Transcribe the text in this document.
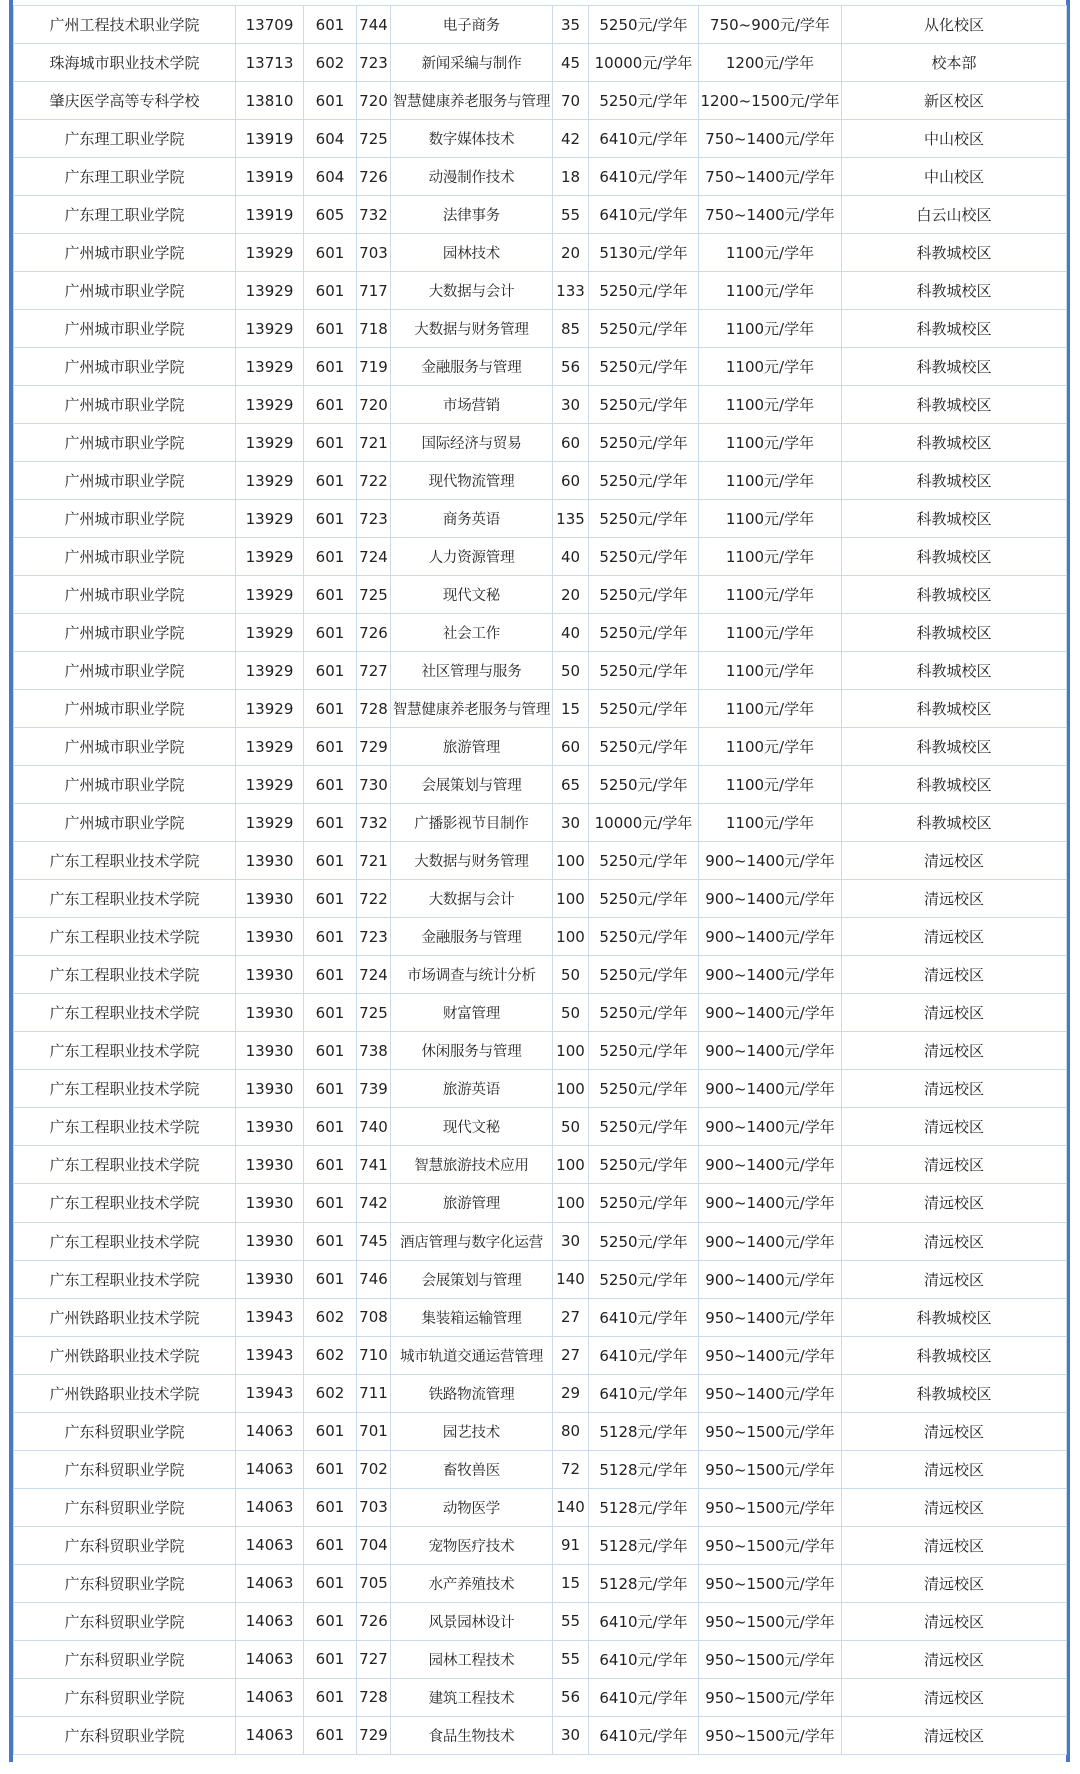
广州工程技术职业学院	13709	601	744	电子商务	35	5250元/学年	750~900元/学年	从化校区
珠海城市职业技术学院	13713	602	723	新闻采编与制作	45	10000元/学年	1200元/学年	校本部
肇庆医学高等专科学校	13810	601	720	智慧健康养老服务与管理	70	5250元/学年	1200~1500元/学年	新区校区
广东理工职业学院	13919	604	725	数字媒体技术	42	6410元/学年	750~1400元/学年	中山校区
广东理工职业学院	13919	604	726	动漫制作技术	18	6410元/学年	750~1400元/学年	中山校区
广东理工职业学院	13919	605	732	法律事务	55	6410元/学年	750~1400元/学年	白云山校区
广州城市职业学院	13929	601	703	园林技术	20	5130元/学年	1100元/学年	科教城校区
广州城市职业学院	13929	601	717	大数据与会计	133	5250元/学年	1100元/学年	科教城校区
广州城市职业学院	13929	601	718	大数据与财务管理	85	5250元/学年	1100元/学年	科教城校区
广州城市职业学院	13929	601	719	金融服务与管理	56	5250元/学年	1100元/学年	科教城校区
广州城市职业学院	13929	601	720	市场营销	30	5250元/学年	1100元/学年	科教城校区
广州城市职业学院	13929	601	721	国际经济与贸易	60	5250元/学年	1100元/学年	科教城校区
广州城市职业学院	13929	601	722	现代物流管理	60	5250元/学年	1100元/学年	科教城校区
广州城市职业学院	13929	601	723	商务英语	135	5250元/学年	1100元/学年	科教城校区
广州城市职业学院	13929	601	724	人力资源管理	40	5250元/学年	1100元/学年	科教城校区
广州城市职业学院	13929	601	725	现代文秘	20	5250元/学年	1100元/学年	科教城校区
广州城市职业学院	13929	601	726	社会工作	40	5250元/学年	1100元/学年	科教城校区
广州城市职业学院	13929	601	727	社区管理与服务	50	5250元/学年	1100元/学年	科教城校区
广州城市职业学院	13929	601	728	智慧健康养老服务与管理	15	5250元/学年	1100元/学年	科教城校区
广州城市职业学院	13929	601	729	旅游管理	60	5250元/学年	1100元/学年	科教城校区
广州城市职业学院	13929	601	730	会展策划与管理	65	5250元/学年	1100元/学年	科教城校区
广州城市职业学院	13929	601	732	广播影视节目制作	30	10000元/学年	1100元/学年	科教城校区
广东工程职业技术学院	13930	601	721	大数据与财务管理	100	5250元/学年	900~1400元/学年	清远校区
广东工程职业技术学院	13930	601	722	大数据与会计	100	5250元/学年	900~1400元/学年	清远校区
广东工程职业技术学院	13930	601	723	金融服务与管理	100	5250元/学年	900~1400元/学年	清远校区
广东工程职业技术学院	13930	601	724	市场调查与统计分析	50	5250元/学年	900~1400元/学年	清远校区
广东工程职业技术学院	13930	601	725	财富管理	50	5250元/学年	900~1400元/学年	清远校区
广东工程职业技术学院	13930	601	738	休闲服务与管理	100	5250元/学年	900~1400元/学年	清远校区
广东工程职业技术学院	13930	601	739	旅游英语	100	5250元/学年	900~1400元/学年	清远校区
广东工程职业技术学院	13930	601	740	现代文秘	50	5250元/学年	900~1400元/学年	清远校区
广东工程职业技术学院	13930	601	741	智慧旅游技术应用	100	5250元/学年	900~1400元/学年	清远校区
广东工程职业技术学院	13930	601	742	旅游管理	100	5250元/学年	900~1400元/学年	清远校区
广东工程职业技术学院	13930	601	745	酒店管理与数字化运营	30	5250元/学年	900~1400元/学年	清远校区
广东工程职业技术学院	13930	601	746	会展策划与管理	140	5250元/学年	900~1400元/学年	清远校区
广州铁路职业技术学院	13943	602	708	集装箱运输管理	27	6410元/学年	950~1400元/学年	科教城校区
广州铁路职业技术学院	13943	602	710	城市轨道交通运营管理	27	6410元/学年	950~1400元/学年	科教城校区
广州铁路职业技术学院	13943	602	711	铁路物流管理	29	6410元/学年	950~1400元/学年	科教城校区
广东科贸职业学院	14063	601	701	园艺技术	80	5128元/学年	950~1500元/学年	清远校区
广东科贸职业学院	14063	601	702	畜牧兽医	72	5128元/学年	950~1500元/学年	清远校区
广东科贸职业学院	14063	601	703	动物医学	140	5128元/学年	950~1500元/学年	清远校区
广东科贸职业学院	14063	601	704	宠物医疗技术	91	5128元/学年	950~1500元/学年	清远校区
广东科贸职业学院	14063	601	705	水产养殖技术	15	5128元/学年	950~1500元/学年	清远校区
广东科贸职业学院	14063	601	726	风景园林设计	55	6410元/学年	950~1500元/学年	清远校区
广东科贸职业学院	14063	601	727	园林工程技术	55	6410元/学年	950~1500元/学年	清远校区
广东科贸职业学院	14063	601	728	建筑工程技术	56	6410元/学年	950~1500元/学年	清远校区
广东科贸职业学院	14063	601	729	食品生物技术	30	6410元/学年	950~1500元/学年	清远校区
